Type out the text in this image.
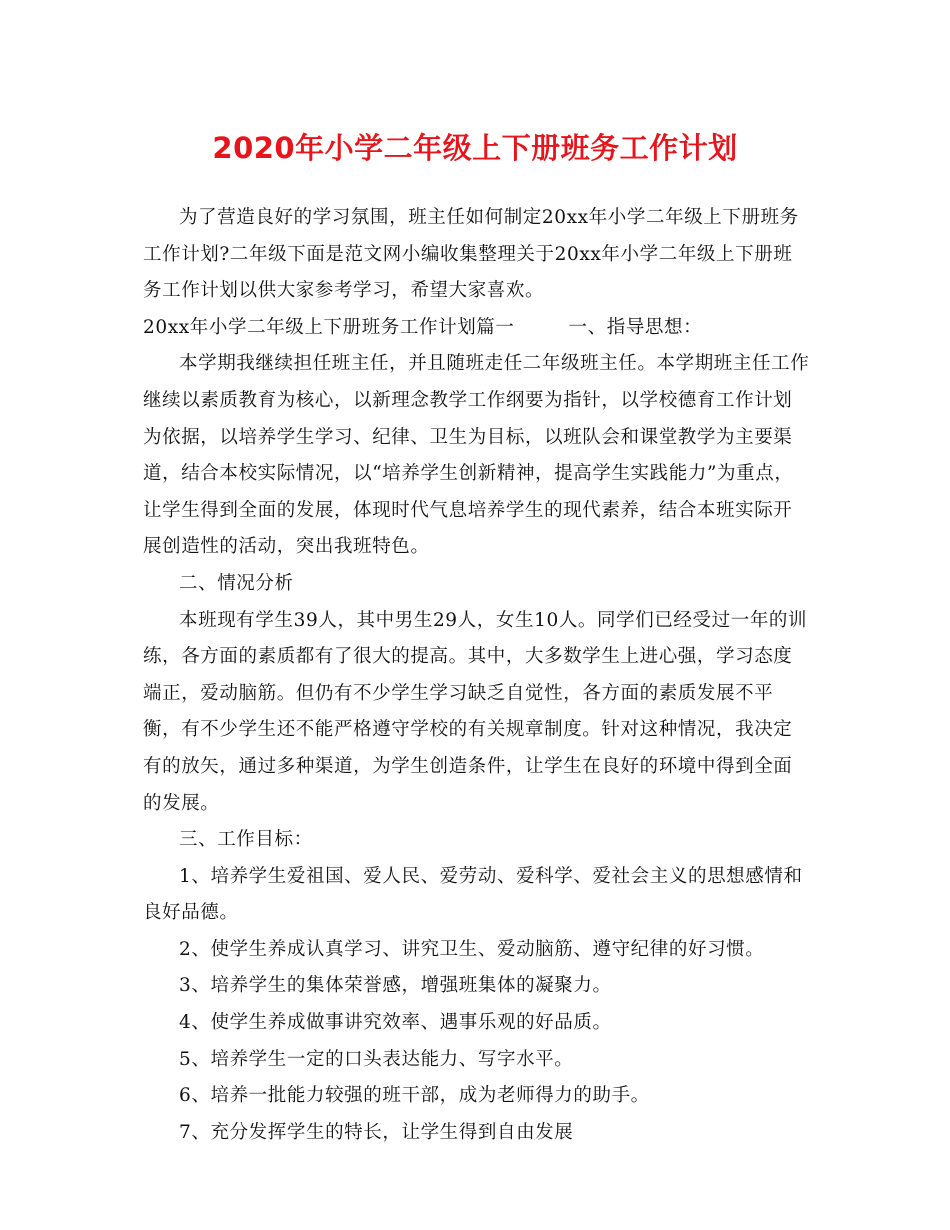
2020年小学二年级上下册班务工作计划

为了营造良好的学习氛围，班主任如何制定20xx年小学二年级上下册班务工作计划?二年级下面是范文网小编收集整理关于20xx年小学二年级上下册班务工作计划以供大家参考学习，希望大家喜欢。

20xx年小学二年级上下册班务工作计划篇一	一、指导思想：

本学期我继续担任班主任，并且随班走任二年级班主任。本学期班主任工作继续以素质教育为核心，以新理念教学工作纲要为指针，以学校德育工作计划为依据，以培养学生学习、纪律、卫生为目标，以班队会和课堂教学为主要渠道，结合本校实际情况，以“培养学生创新精神，提高学生实践能力”为重点，让学生得到全面的发展，体现时代气息培养学生的现代素养，结合本班实际开展创造性的活动，突出我班特色。

二、情况分析

本班现有学生39人，其中男生29人，女生10人。同学们已经受过一年的训练，各方面的素质都有了很大的提高。其中，大多数学生上进心强，学习态度端正，爱动脑筋。但仍有不少学生学习缺乏自觉性，各方面的素质发展不平衡，有不少学生还不能严格遵守学校的有关规章制度。针对这种情况，我决定有的放矢，通过多种渠道，为学生创造条件，让学生在良好的环境中得到全面的发展。

三、工作目标：

1、培养学生爱祖国、爱人民、爱劳动、爱科学、爱社会主义的思想感情和良好品德。

2、使学生养成认真学习、讲究卫生、爱动脑筋、遵守纪律的好习惯。

3、培养学生的集体荣誉感，增强班集体的凝聚力。

4、使学生养成做事讲究效率、遇事乐观的好品质。

5、培养学生一定的口头表达能力、写字水平。

6、培养一批能力较强的班干部，成为老师得力的助手。

7、充分发挥学生的特长，让学生得到自由发展
